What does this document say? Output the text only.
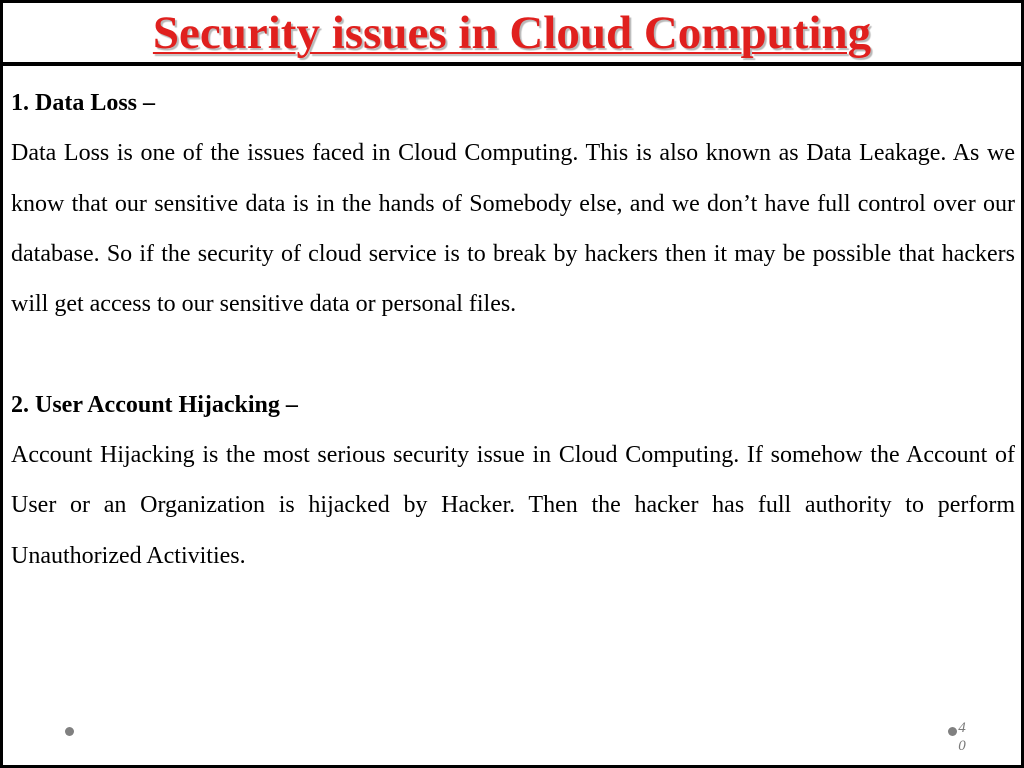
Security issues in Cloud Computing

1. Data Loss –

Data Loss is one of the issues faced in Cloud Computing. This is also known as Data Leakage. As we know that our sensitive data is in the hands of Somebody else, and we don’t have full control over our database. So if the security of cloud service is to break by hackers then it may be possible that hackers will get access to our sensitive data or personal files.

2. User Account Hijacking –

Account Hijacking is the most serious security issue in Cloud Computing. If somehow the Account of User or an Organization is hijacked by Hacker. Then the hacker has full authority to perform Unauthorized Activities.

40
